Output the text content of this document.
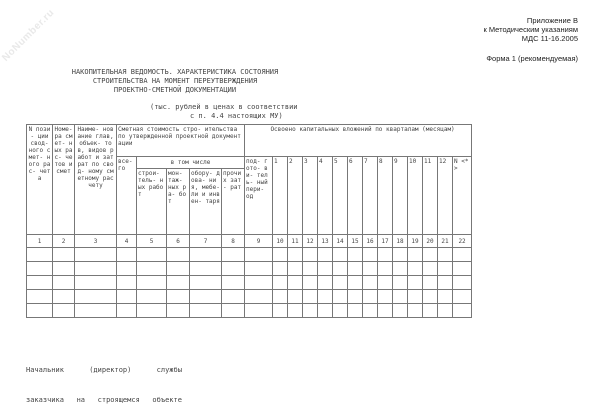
NoNumber.ru	Приложение В
к Методическим указаниям
МДС 11-16.2005
Форма 1 (рекомендуемая)
НАКОПИТЕЛЬНАЯ ВЕДОМОСТЬ. ХАРАКТЕРИСТИКА СОСТОЯНИЯ
СТРОИТЕЛЬСТВА НА МОМЕНТ ПЕРЕУТВЕРЖДЕНИЯ
ПРОЕКТНО-СМЕТНОЙ ДОКУМЕНТАЦИИ
(тыс. рублей в ценах в соответствии
с п. 4.4 настоящих МУ)
N пози- ции свод- ного смет- ного рас- чета	Номе- ра смет- ных рас- четов и смет	Наиме- нование глав, объек- тов, видов работ и затрат по свод- ному сметному расчету	Сметная стоимость стро- ительства по утвержденной проектной документации					Освоено капитальных вложений по кварталам (месяцам)													
			все- го	в том числе				под- гото- ви- тель- ный пери- од	1	2	3	4	5	6	7	8	9	10	11	12	N <*>
				строи- тель- ных работ	мон- таж- ных ра- бот	обору- дова- ния, мебе- ли и инвен- таря	прочих зат- рат														
1	2	3	4	5	6	7	8	9	10	11	12	13	14	15	16	17	18	19	20	21	22

Начальник      (директор)      службы

заказчика   на   строящемся   объекте
